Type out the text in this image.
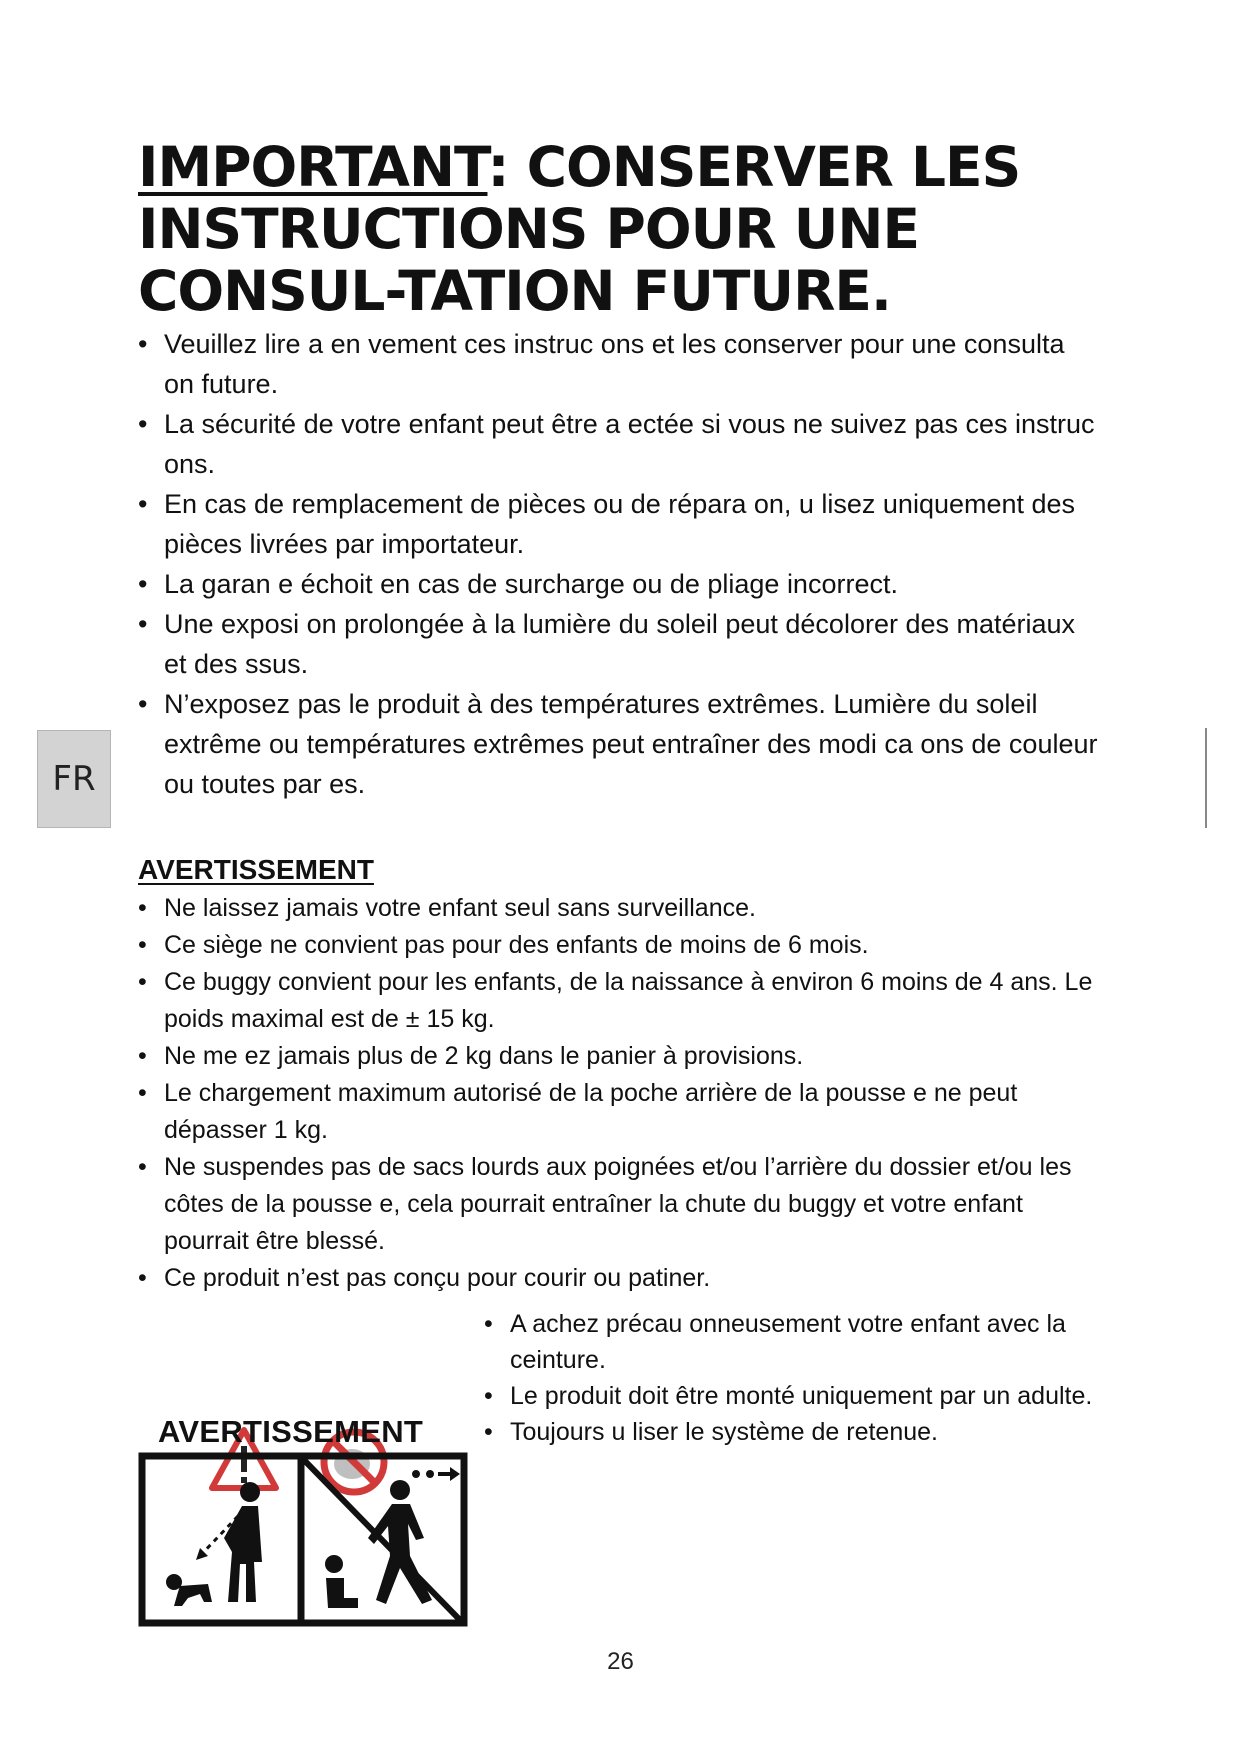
IMPORTANT: CONSERVER LES INSTRUCTIONS POUR UNE CONSUL-TATION FUTURE.
• Veuillez lire a en vement ces instruc ons et les conserver pour une consulta on future.
• La sécurité de votre enfant peut être a ectée si vous ne suivez pas ces instruc ons.
• En cas de remplacement de pièces ou de répara on, u lisez uniquement des pièces livrées par importateur.
• La garan e échoit en cas de surcharge ou de pliage incorrect.
• Une exposi on prolongée à la lumière du soleil peut décolorer des matériaux et des ssus.
• N’exposez pas le produit à des températures extrêmes. Lumière du soleil extrême ou températures extrêmes peut entraîner des modi ca ons de couleur ou toutes par es.
FR
AVERTISSEMENT
• Ne laissez jamais votre enfant seul sans surveillance.
• Ce siège ne convient pas pour des enfants de moins de 6 mois.
• Ce buggy convient pour les enfants, de la naissance à environ 6 moins de 4 ans. Le poids maximal est de ± 15 kg.
• Ne me ez jamais plus de 2 kg dans le panier à provisions.
• Le chargement maximum autorisé de la poche arrière de la pousse e ne peut dépasser 1 kg.
• Ne suspendes pas de sacs lourds aux poignées et/ou l’arrière du dossier et/ou les côtes de la pousse e, cela pourrait entraîner la chute du buggy et votre enfant pourrait être blessé.
• Ce produit n’est pas conçu pour courir ou patiner.
• A achez précau onneusement votre enfant avec la ceinture.
• Le produit doit être monté uniquement par un adulte.
• Toujours u liser le système de retenue.
AVERTISSEMENT
26
